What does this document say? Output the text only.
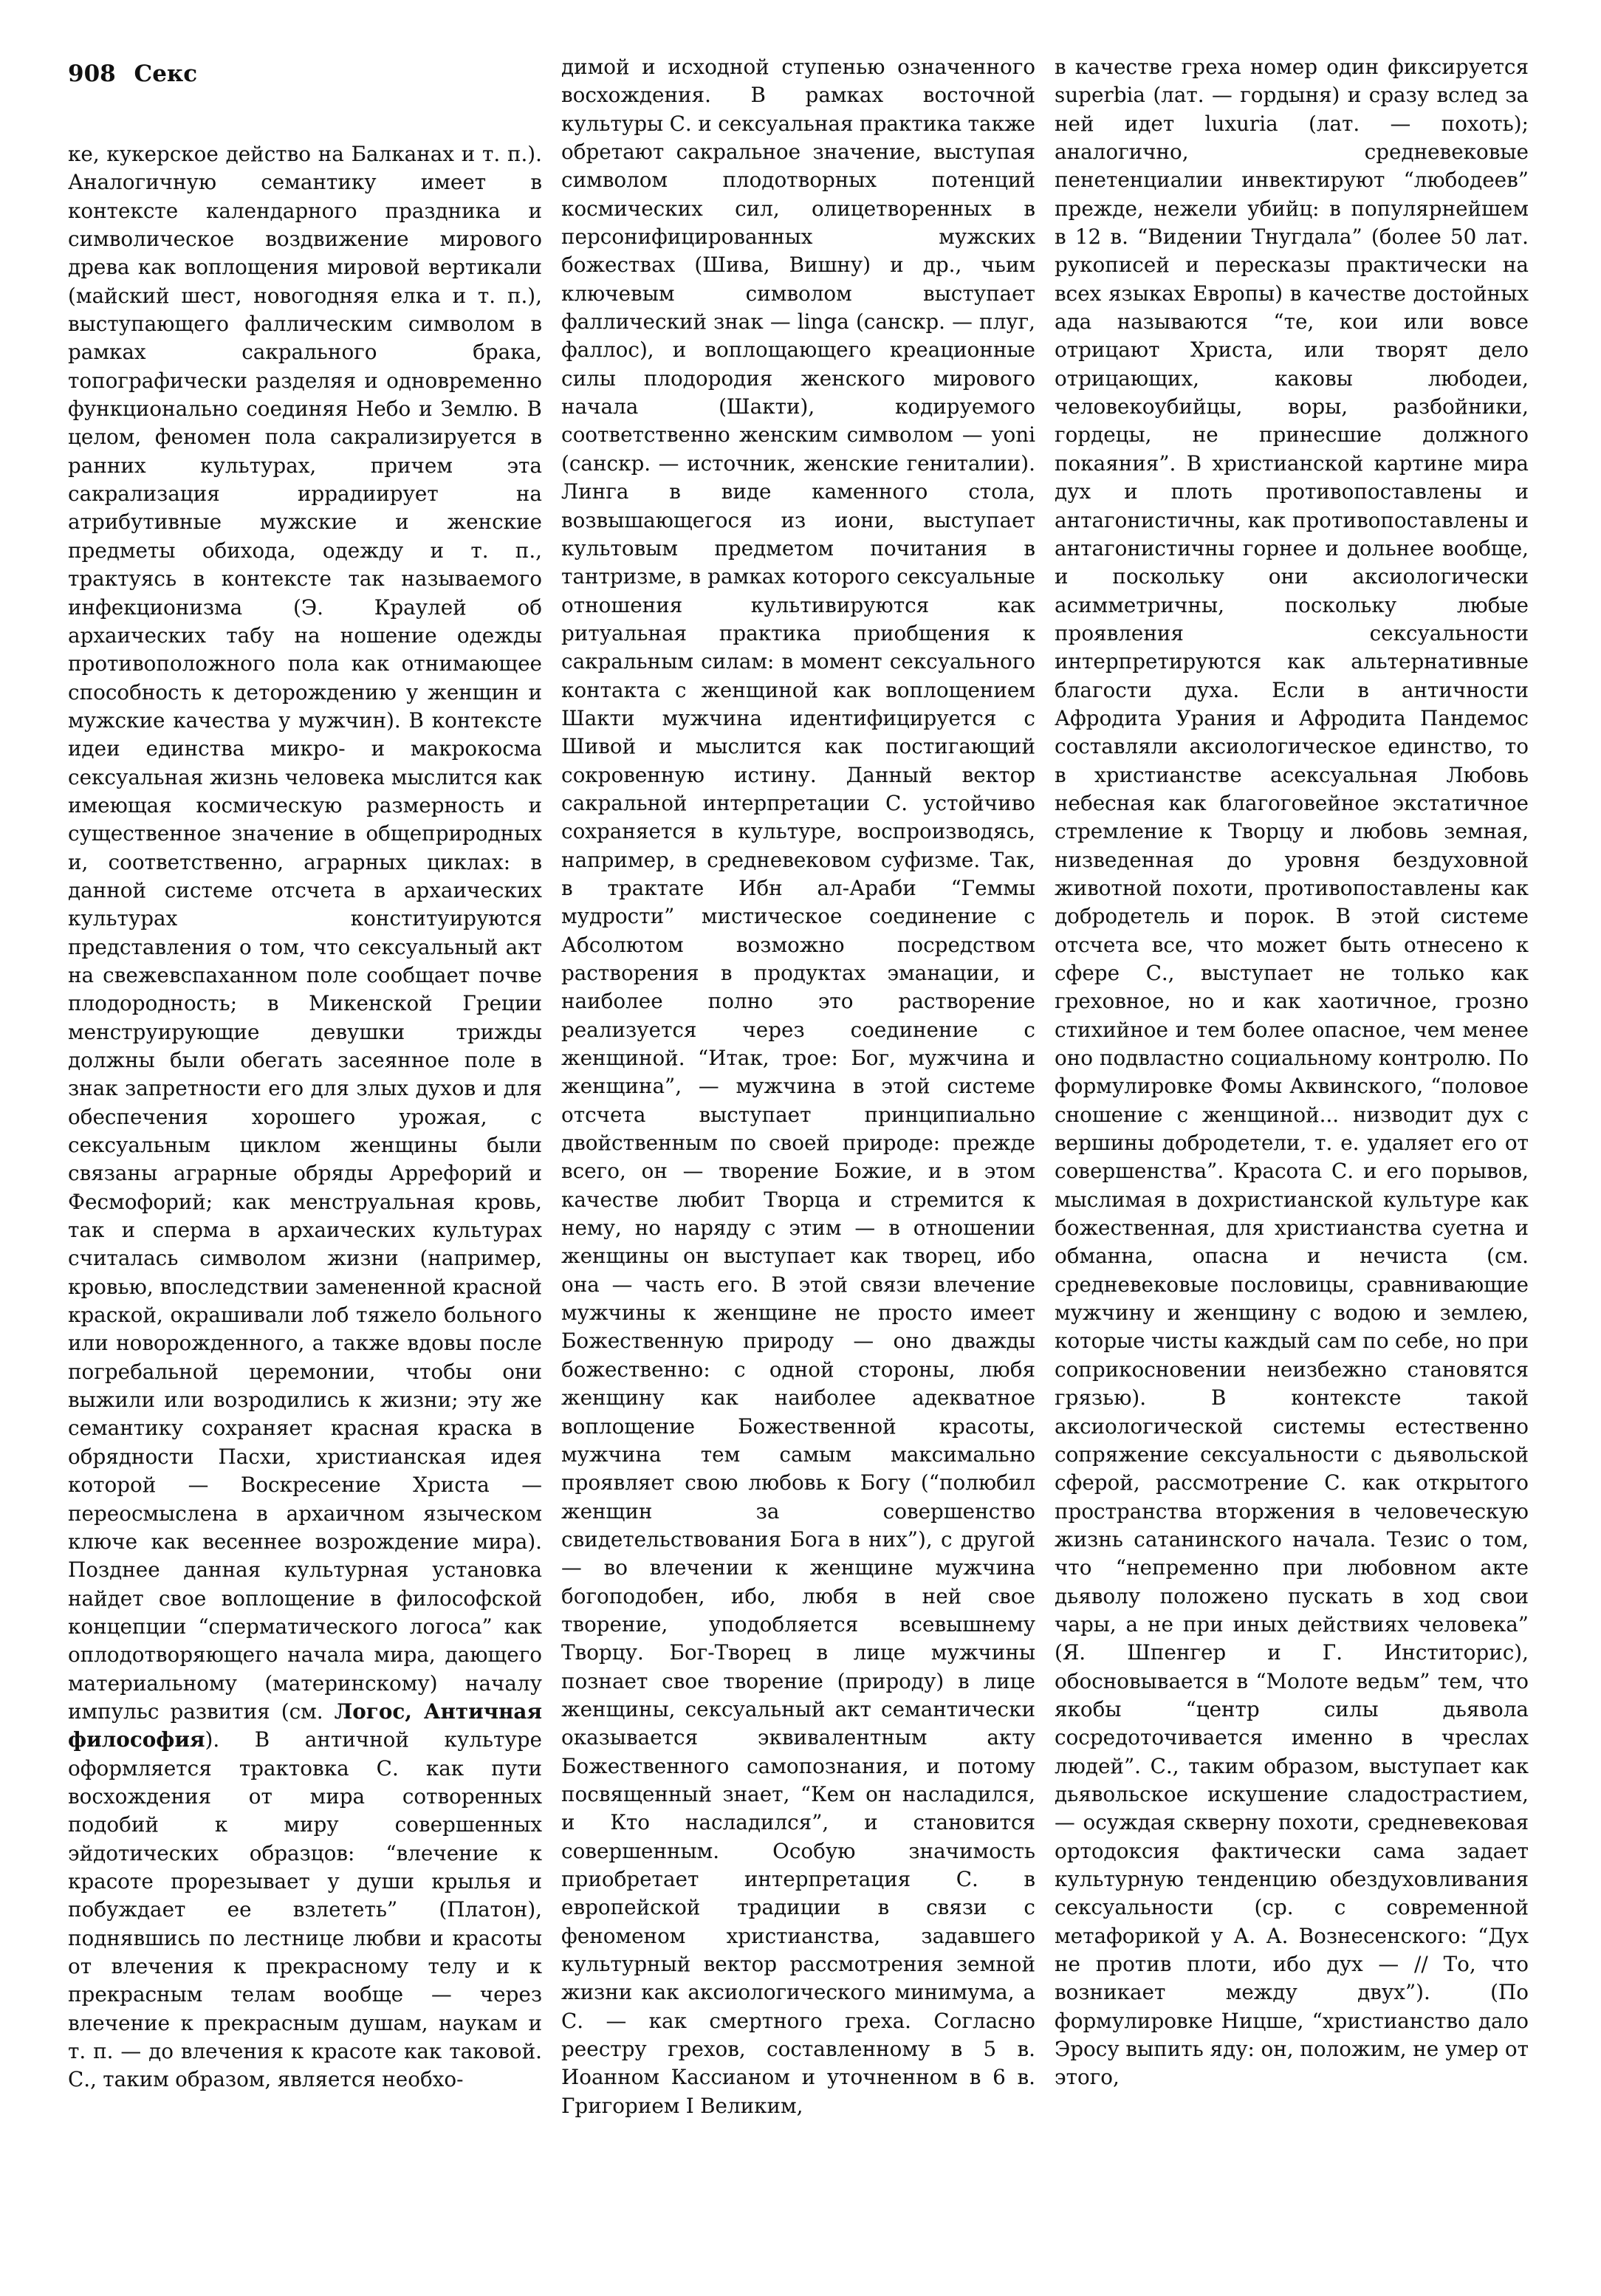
908 Секс

ке, кукерское действо на Балканах и т. п.). Аналогичную семантику имеет в контексте календарного праздника и символическое воздвижение мирового древа как воплощения мировой вертикали (майский шест, новогодняя елка и т. п.), выступающего фаллическим символом в рамках сакрального брака, топографически разделяя и одновременно функционально соединяя Небо и Землю. В целом, феномен пола сакрализируется в ранних культурах, причем эта сакрализация иррадиирует на атрибутивные мужские и женские предметы обихода, одежду и т. п., трактуясь в контексте так называемого инфекционизма (Э. Краулей об архаических табу на ношение одежды противоположного пола как отнимающее способность к деторождению у женщин и мужские качества у мужчин). В контексте идеи единства микро- и макрокосма сексуальная жизнь человека мыслится как имеющая космическую размерность и существенное значение в общеприродных и, соответственно, аграрных циклах: в данной системе отсчета в архаических культурах конституируются представления о том, что сексуальный акт на свежевспаханном поле сообщает почве плодородность; в Микенской Греции менструирующие девушки трижды должны были обегать засеянное поле в знак запретности его для злых духов и для обеспечения хорошего урожая, с сексуальным циклом женщины были связаны аграрные обряды Аррефорий и Фесмофорий; как менструальная кровь, так и сперма в архаических культурах считалась символом жизни (например, кровью, впоследствии замененной красной краской, окрашивали лоб тяжело больного или новорожденного, а также вдовы после погребальной церемонии, чтобы они выжили или возродились к жизни; эту же семантику сохраняет красная краска в обрядности Пасхи, христианская идея которой — Воскресение Христа — переосмыслена в архаичном языческом ключе как весеннее возрождение мира). Позднее данная культурная установка найдет свое воплощение в философской концепции “сперматического логоса” как оплодотворяющего начала мира, дающего материальному (материнскому) началу импульс развития (см. Логос, Античная философия). В античной культуре оформляется трактовка С. как пути восхождения от мира сотворенных подобий к миру совершенных эйдотических образцов: “влечение к красоте прорезывает у души крылья и побуждает ее взлететь” (Платон), поднявшись по лестнице любви и красоты от влечения к прекрасному телу и к прекрасным телам вообще — через влечение к прекрасным душам, наукам и т. п. — до влечения к красоте как таковой. С., таким образом, является необхо-

димой и исходной ступенью означенного восхождения. В рамках восточной культуры С. и сексуальная практика также обретают сакральное значение, выступая символом плодотворных потенций космических сил, олицетворенных в персонифицированных мужских божествах (Шива, Вишну) и др., чьим ключевым символом выступает фаллический знак — linga (санскр. — плуг, фаллос), и воплощающего креационные силы плодородия женского мирового начала (Шакти), кодируемого соответственно женским символом — yoni (санскр. — источник, женские гениталии). Линга в виде каменного стола, возвышающегося из иони, выступает культовым предметом почитания в тантризме, в рамках которого сексуальные отношения культивируются как ритуальная практика приобщения к сакральным силам: в момент сексуального контакта с женщиной как воплощением Шакти мужчина идентифицируется с Шивой и мыслится как постигающий сокровенную истину. Данный вектор сакральной интерпретации С. устойчиво сохраняется в культуре, воспроизводясь, например, в средневековом суфизме. Так, в трактате Ибн ал-Араби “Геммы мудрости” мистическое соединение с Абсолютом возможно посредством растворения в продуктах эманации, и наиболее полно это растворение реализуется через соединение с женщиной. “Итак, трое: Бог, мужчина и женщина”, — мужчина в этой системе отсчета выступает принципиально двойственным по своей природе: прежде всего, он — творение Божие, и в этом качестве любит Творца и стремится к нему, но наряду с этим — в отношении женщины он выступает как творец, ибо она — часть его. В этой связи влечение мужчины к женщине не просто имеет Божественную природу — оно дважды божественно: с одной стороны, любя женщину как наиболее адекватное воплощение Божественной красоты, мужчина тем самым максимально проявляет свою любовь к Богу (“полюбил женщин за совершенство свидетельствования Бога в них”), с другой — во влечении к женщине мужчина богоподобен, ибо, любя в ней свое творение, уподобляется всевышнему Творцу. Бог-Творец в лице мужчины познает свое творение (природу) в лице женщины, сексуальный акт семантически оказывается эквивалентным акту Божественного самопознания, и потому посвященный знает, “Кем он насладился, и Кто насладился”, и становится совершенным. Особую значимость приобретает интерпретация С. в европейской традиции в связи с феноменом христианства, задавшего культурный вектор рассмотрения земной жизни как аксиологического минимума, а С. — как смертного греха. Согласно реестру грехов, составленному в 5 в. Иоанном Кассианом и уточненном в 6 в. Григорием I Великим,

в качестве греха номер один фиксируется superbia (лат. — гордыня) и сразу вслед за ней идет luxuria (лат. — похоть); аналогично, средневековые пенетенциалии инвектируют “любодеев” прежде, нежели убийц: в популярнейшем в 12 в. “Видении Тнугдала” (более 50 лат. рукописей и пересказы практически на всех языках Европы) в качестве достойных ада называются “те, кои или вовсе отрицают Христа, или творят дело отрицающих, каковы любодеи, человекоубийцы, воры, разбойники, гордецы, не принесшие должного покаяния”. В христианской картине мира дух и плоть противопоставлены и антагонистичны, как противопоставлены и антагонистичны горнее и дольнее вообще, и поскольку они аксиологически асимметричны, поскольку любые проявления сексуальности интерпретируются как альтернативные благости духа. Если в античности Афродита Урания и Афродита Пандемос составляли аксиологическое единство, то в христианстве асексуальная Любовь небесная как благоговейное экстатичное стремление к Творцу и любовь земная, низведенная до уровня бездуховной животной похоти, противопоставлены как добродетель и порок. В этой системе отсчета все, что может быть отнесено к сфере С., выступает не только как греховное, но и как хаотичное, грозно стихийное и тем более опасное, чем менее оно подвластно социальному контролю. По формулировке Фомы Аквинского, “половое сношение с женщиной... низводит дух с вершины добродетели, т. е. удаляет его от совершенства”. Красота С. и его порывов, мыслимая в дохристианской культуре как божественная, для христианства суетна и обманна, опасна и нечиста (см. средневековые пословицы, сравнивающие мужчину и женщину с водою и землею, которые чисты каждый сам по себе, но при соприкосновении неизбежно становятся грязью). В контексте такой аксиологической системы естественно сопряжение сексуальности с дьявольской сферой, рассмотрение С. как открытого пространства вторжения в человеческую жизнь сатанинского начала. Тезис о том, что “непременно при любовном акте дьяволу положено пускать в ход свои чары, а не при иных действиях человека” (Я. Шпенгер и Г. Инститорис), обосновывается в “Молоте ведьм” тем, что якобы “центр силы дьявола сосредоточивается именно в чреслах людей”. С., таким образом, выступает как дьявольское искушение сладострастием, — осуждая скверну похоти, средневековая ортодоксия фактически сама задает культурную тенденцию обездуховливания сексуальности (ср. с современной метафорикой у А. А. Вознесенского: “Дух не против плоти, ибо дух — // То, что возникает между двух”). (По формулировке Ницше, “христианство дало Эросу выпить яду: он, положим, не умер от этого,
